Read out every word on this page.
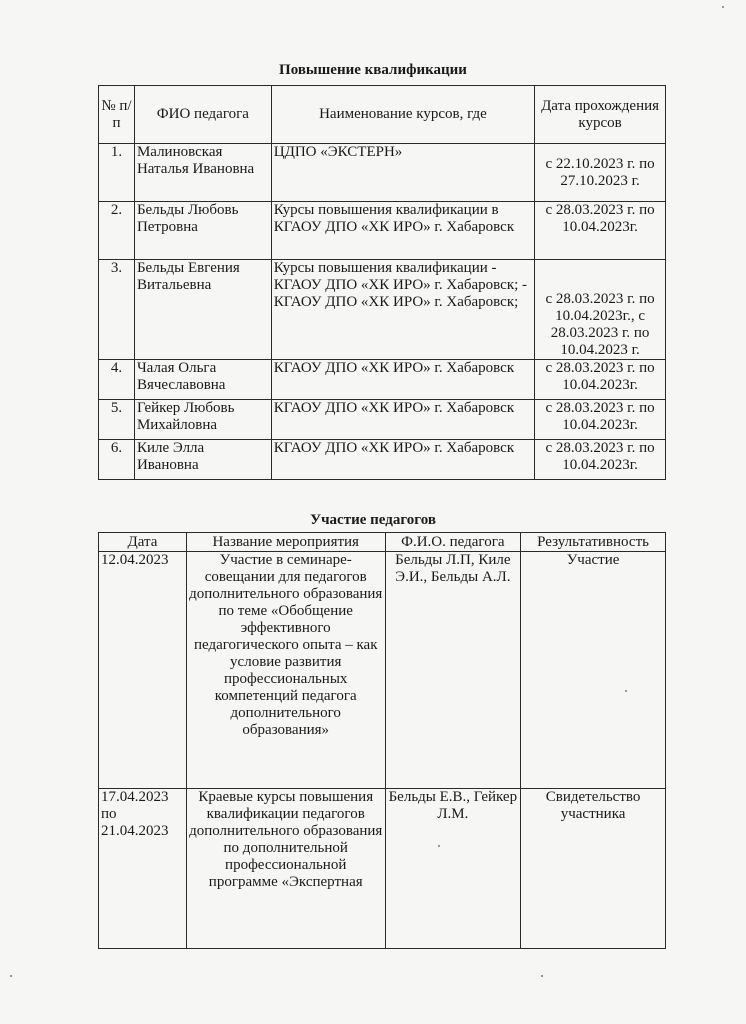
Повышение квалификации
№ п/п	ФИО педагога	Наименование курсов, где	Дата прохождения курсов
1.	Малиновская Наталья Ивановна	ЦДПО «ЭКСТЕРН»	с 22.10.2023 г. по 27.10.2023 г.
2.	Бельды Любовь Петровна	Курсы повышения квалификации в КГАОУ ДПО «ХК ИРО» г. Хабаровск	с 28.03.2023 г. по 10.04.2023г.
3.	Бельды Евгения Витальевна	Курсы повышения квалификации - КГАОУ ДПО «ХК ИРО» г. Хабаровск; - КГАОУ ДПО «ХК ИРО» г. Хабаровск;	с 28.03.2023 г. по 10.04.2023г., с 28.03.2023 г. по 10.04.2023 г.
4.	Чалая Ольга Вячеславовна	КГАОУ ДПО «ХК ИРО» г. Хабаровск	с 28.03.2023 г. по 10.04.2023г.
5.	Гейкер Любовь Михайловна	КГАОУ ДПО «ХК ИРО» г. Хабаровск	с 28.03.2023 г. по 10.04.2023г.
6.	Киле Элла Ивановна	КГАОУ ДПО «ХК ИРО» г. Хабаровск	с 28.03.2023 г. по 10.04.2023г.
Участие педагогов
Дата	Название мероприятия	Ф.И.О. педагога	Результативность
12.04.2023	Участие в семинаре-совещании для педагогов дополнительного образования по теме «Обобщение эффективного педагогического опыта – как условие развития профессиональных компетенций педагога дополнительного образования»	Бельды Л.П, Киле Э.И., Бельды А.Л.	Участие
17.04.2023 по 21.04.2023	Краевые курсы повышения квалификации педагогов дополнительного образования по дополнительной профессиональной программе «Экспертная	Бельды Е.В., Гейкер Л.М.	Свидетельство участника
